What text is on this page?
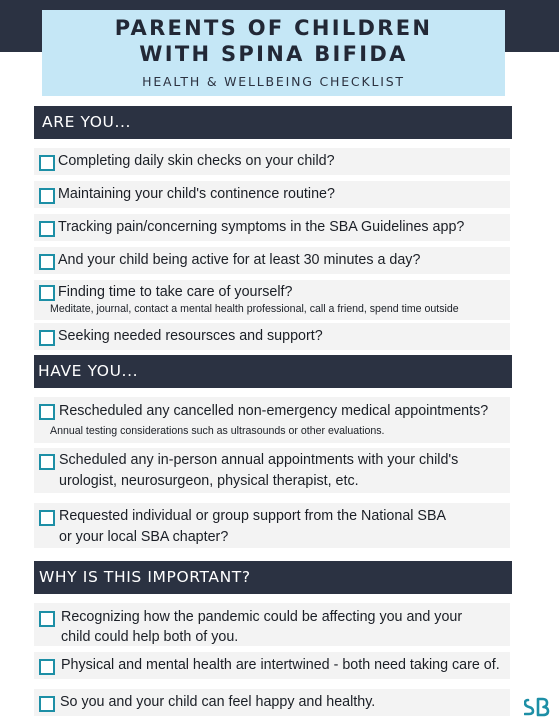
PARENTS OF CHILDREN
WITH SPINA BIFIDA
HEALTH & WELLBEING CHECKLIST
ARE YOU...
Completing daily skin checks on your child?
Maintaining your child's continence routine?
Tracking pain/concerning symptoms in the SBA Guidelines app?
And your child being active for at least 30 minutes a day?
Finding time to take care of yourself?
Meditate, journal, contact a mental health professional, call a friend, spend time outside
Seeking needed resoursces and support?
HAVE YOU...
Rescheduled any cancelled non-emergency medical appointments?
Annual testing considerations such as ultrasounds or other evaluations.
Scheduled any in-person annual appointments with your child's
urologist, neurosurgeon, physical therapist, etc.
Requested individual or group support from the National SBA
or your local SBA chapter?
WHY IS THIS IMPORTANT?
Recognizing how the pandemic could be affecting you and your
child could help both of you.
Physical and mental health are intertwined - both need taking care of.
So you and your child can feel happy and healthy.
